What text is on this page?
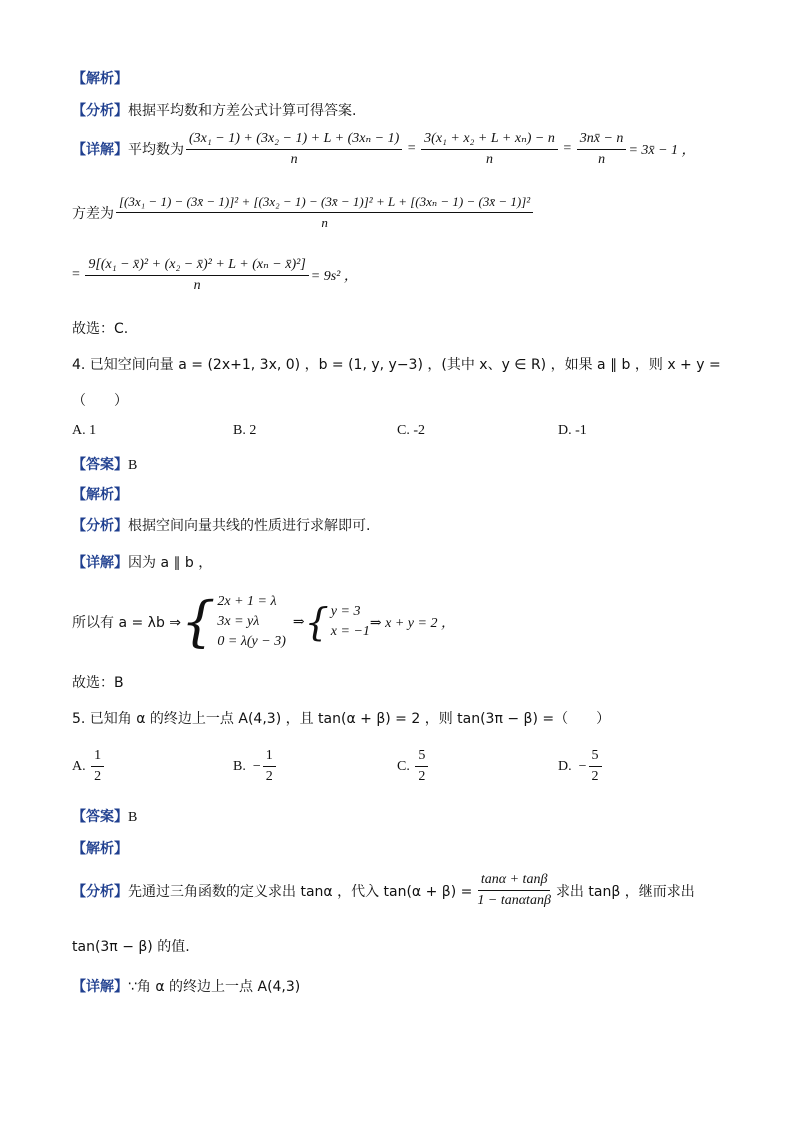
【解析】
【分析】根据平均数和方差公式计算可得答案.
【详解】 平均数为 $\frac{\text{(3x₁ − 1) + (3x₂ − 1) + L + (3xₙ − 1)}}{n} = \frac{\text{3(x₁ + x₂ + L + xₙ) − n}}{n} = \frac{3nx̄ - n}{n}$ = 3x̄ − 1 ，
方差为
[(3x₁ − 1) − (3x̄ − 1)]² + [(3x₂ − 1) − (3x̄ − 1)]² + L + [(3xₙ − 1) − (3x̄ − 1)]²
n
= $\frac{\text{9[(x₁ − x̄)² + (x₂ − x̄)² + L + (xₙ − x̄)²]}}{n} = 9s^2$ ，
故选：C.
4. 已知空间向量 a = (2x+1, 3x, 0) ，b = (1, y, y−3) ，(其中 x、y ∈ R) ，如果 a ∥ b ，则 x + y =
（　　）
A. 1	B. 2	C. -2	D. -1
【答案】B
【解析】
【分析】根据空间向量共线的性质进行求解即可.
【详解】因为 a ∥ b ，
所以有 a = λb ⇒ { 2x + 1 = λ
3x = yλ
0 = λ(y − 3)
⇒ { y = 3
x = −1
⇒ x + y = 2 ，
故选：B
5. 已知角 α 的终边上一点 A(4,3) ，且 tan(α + β) = 2 ，则 tan(3π − β) =（　　）
A.
$\frac{1}{2}$	B.
− $\frac{1}{2}$	C.
$\frac{5}{2}$	D.
− $\frac{5}{2}$
【答案】B
【解析】
【分析】 先通过三角函数的定义求出 tanα ，代入 $\tan(\alpha + \beta) = \frac{\tan\alpha + \tan\beta}{1 - \tan\alpha\tan\beta}$ 求出 tanβ ，继而求出
tan(3π − β) 的值.
【详解】∵角 α 的终边上一点 A(4,3)
